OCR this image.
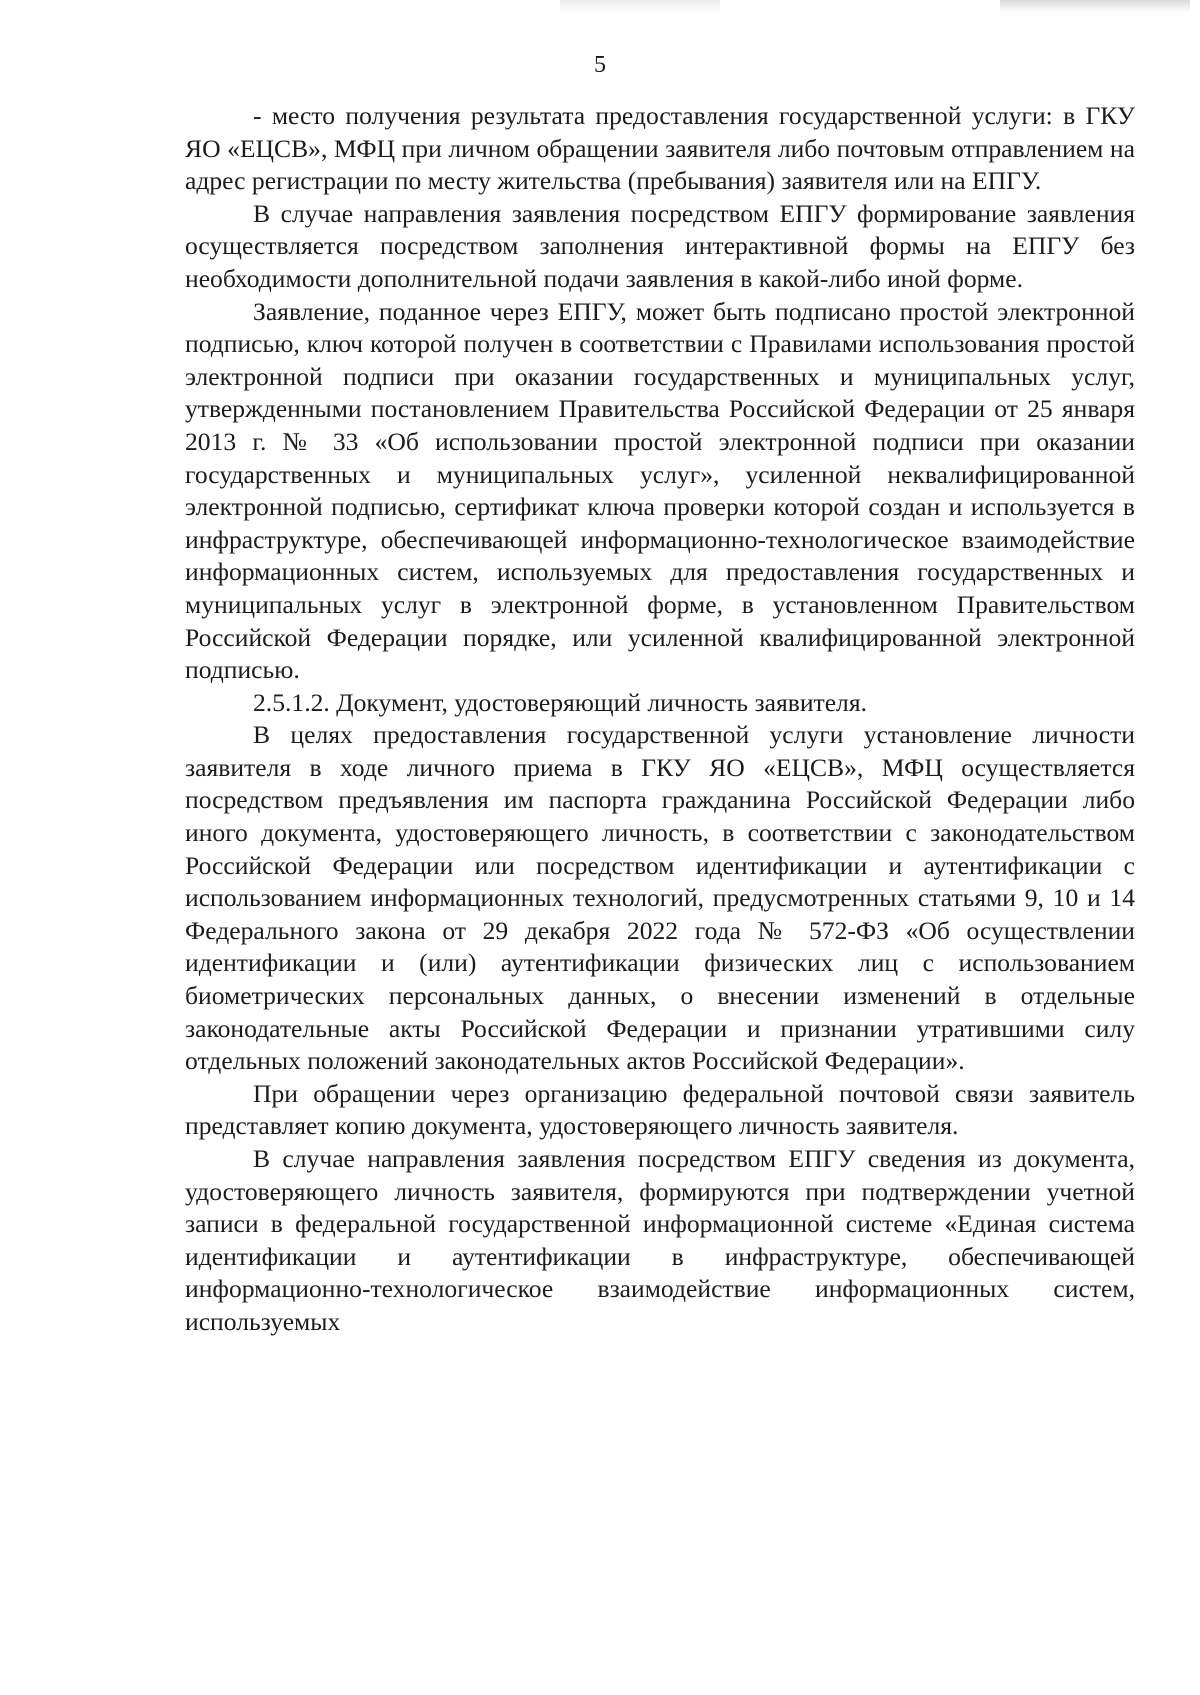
5

- место получения результата предоставления государственной услуги: в ГКУ ЯО «ЕЦСВ», МФЦ при личном обращении заявителя либо почтовым отправлением на адрес регистрации по месту жительства (пребывания) заявителя или на ЕПГУ.

В случае направления заявления посредством ЕПГУ формирование заявления осуществляется посредством заполнения интерактивной формы на ЕПГУ без необходимости дополнительной подачи заявления в какой-либо иной форме.

Заявление, поданное через ЕПГУ, может быть подписано простой электронной подписью, ключ которой получен в соответствии с Правилами использования простой электронной подписи при оказании государственных и муниципальных услуг, утвержденными постановлением Правительства Российской Федерации от 25 января 2013 г. № 33 «Об использовании простой электронной подписи при оказании государственных и муниципальных услуг», усиленной неквалифицированной электронной подписью, сертификат ключа проверки которой создан и используется в инфраструктуре, обеспечивающей информационно-технологическое взаимодействие информационных систем, используемых для предоставления государственных и муниципальных услуг в электронной форме, в установленном Правительством Российской Федерации порядке, или усиленной квалифицированной электронной подписью.

2.5.1.2. Документ, удостоверяющий личность заявителя.

В целях предоставления государственной услуги установление личности заявителя в ходе личного приема в ГКУ ЯО «ЕЦСВ», МФЦ осуществляется посредством предъявления им паспорта гражданина Российской Федерации либо иного документа, удостоверяющего личность, в соответствии с законодательством Российской Федерации или посредством идентификации и аутентификации с использованием информационных технологий, предусмотренных статьями 9, 10 и 14 Федерального закона от 29 декабря 2022 года № 572-ФЗ «Об осуществлении идентификации и (или) аутентификации физических лиц с использованием биометрических персональных данных, о внесении изменений в отдельные законодательные акты Российской Федерации и признании утратившими силу отдельных положений законодательных актов Российской Федерации».

При обращении через организацию федеральной почтовой связи заявитель представляет копию документа, удостоверяющего личность заявителя.

В случае направления заявления посредством ЕПГУ сведения из документа, удостоверяющего личность заявителя, формируются при подтверждении учетной записи в федеральной государственной информационной системе «Единая система идентификации и аутентификации в инфраструктуре, обеспечивающей информационно-технологическое взаимодействие информационных систем, используемых
